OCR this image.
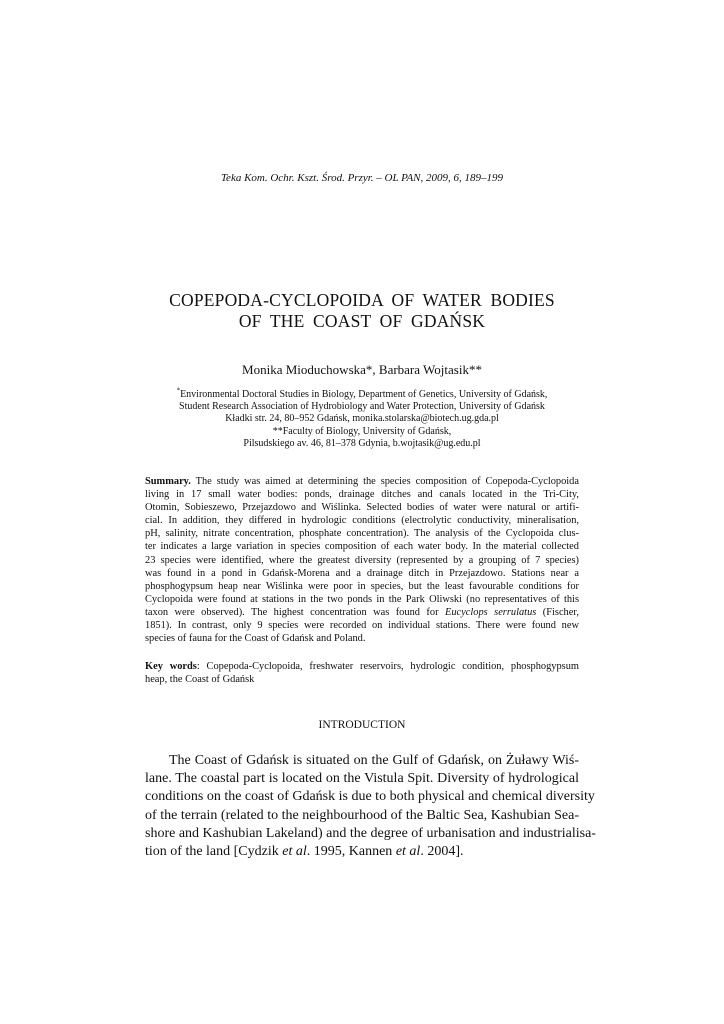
Teka Kom. Ochr. Kszt. Środ. Przyr. – OL PAN, 2009, 6, 189–199
COPEPODA-CYCLOPOIDA OF WATER BODIES
OF THE COAST OF GDAŃSK
Monika Mioduchowska*, Barbara Wojtasik**
*Environmental Doctoral Studies in Biology, Department of Genetics, University of Gdańsk,
Student Research Association of Hydrobiology and Water Protection, University of Gdańsk
Kładki str. 24, 80–952 Gdańsk, monika.stolarska@biotech.ug.gda.pl
**Faculty of Biology, University of Gdańsk,
Pilsudskiego av. 46, 81–378 Gdynia, b.wojtasik@ug.edu.pl
Summary. The study was aimed at determining the species composition of Copepoda-Cyclopoida
living in 17 small water bodies: ponds, drainage ditches and canals located in the Tri-City,
Otomin, Sobieszewo, Przejazdowo and Wiślinka. Selected bodies of water were natural or artifi-
cial. In addition, they differed in hydrologic conditions (electrolytic conductivity, mineralisation,
pH, salinity, nitrate concentration, phosphate concentration). The analysis of the Cyclopoida clus-
ter indicates a large variation in species composition of each water body. In the material collected
23 species were identified, where the greatest diversity (represented by a grouping of 7 species)
was found in a pond in Gdańsk-Morena and a drainage ditch in Przejazdowo. Stations near a
phosphogypsum heap near Wiślinka were poor in species, but the least favourable conditions for
Cyclopoida were found at stations in the two ponds in the Park Oliwski (no representatives of this
taxon were observed). The highest concentration was found for Eucyclops serrulatus (Fischer,
1851). In contrast, only 9 species were recorded on individual stations. There were found new
species of fauna for the Coast of Gdańsk and Poland.
Key words: Copepoda-Cyclopoida, freshwater reservoirs, hydrologic condition, phosphogypsum
heap, the Coast of Gdańsk
INTRODUCTION
The Coast of Gdańsk is situated on the Gulf of Gdańsk, on Żuławy Wiś-
lane. The coastal part is located on the Vistula Spit. Diversity of hydrological
conditions on the coast of Gdańsk is due to both physical and chemical diversity
of the terrain (related to the neighbourhood of the Baltic Sea, Kashubian Sea-
shore and Kashubian Lakeland) and the degree of urbanisation and industrialisa-
tion of the land [Cydzik et al. 1995, Kannen et al. 2004].
